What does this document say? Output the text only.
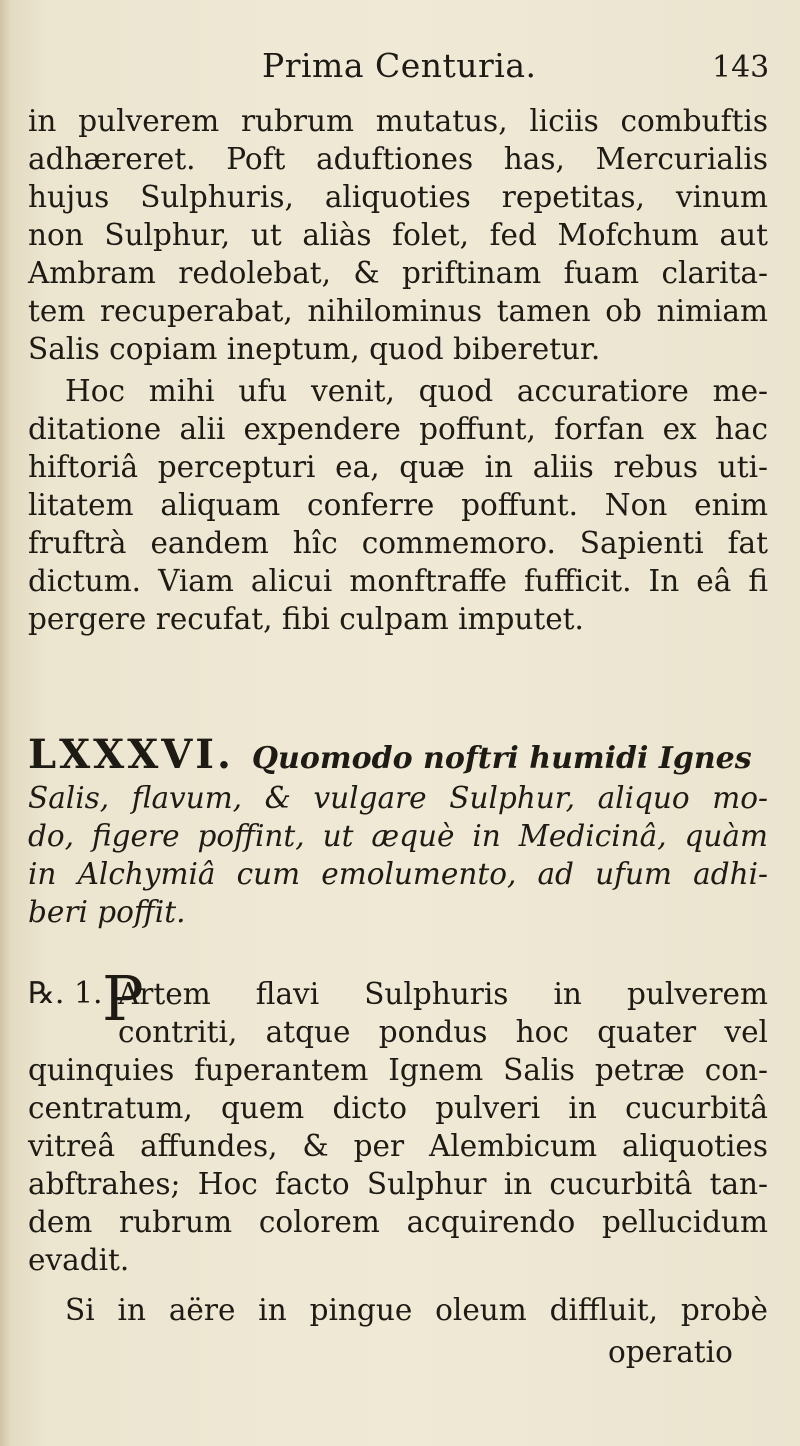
Prima Centuria.	143
in pulverem rubrum mutatus, liciis combuftis
adhæreret. Poft aduftiones has, Mercurialis
hujus Sulphuris, aliquoties repetitas, vinum
non Sulphur, ut aliàs folet, fed Mofchum aut
Ambram redolebat, & priftinam fuam clarita-
tem recuperabat, nihilominus tamen ob nimiam
Salis copiam ineptum, quod biberetur.
Hoc mihi ufu venit, quod accuratiore me-
ditatione alii expendere poffunt, forfan ex hac
hiftoriâ percepturi ea, quæ in aliis rebus uti-
litatem aliquam conferre poffunt. Non enim
fruftrà eandem hîc commemoro. Sapienti fat
dictum. Viam alicui monftraffe fufficit. In eâ fi
pergere recufat, fibi culpam imputet.
LXXXVI. Quomodo noftri humidi Ignes
Salis, flavum, & vulgare Sulphur, aliquo mo-
do, figere poffint, ut æquè in Medicinâ, quàm
in Alchymiâ cum emolumento, ad ufum adhi-
beri poffit.
℞. 1. P
Artem flavi Sulphuris in pulverem
contriti, atque pondus hoc quater vel
quinquies fuperantem Ignem Salis petræ con-
centratum, quem dicto pulveri in cucurbitâ
vitreâ affundes, & per Alembicum aliquoties
abftrahes; Hoc facto Sulphur in cucurbitâ tan-
dem rubrum colorem acquirendo pellucidum
evadit.
Si in aëre in pingue oleum diffluit, probè
operatio
